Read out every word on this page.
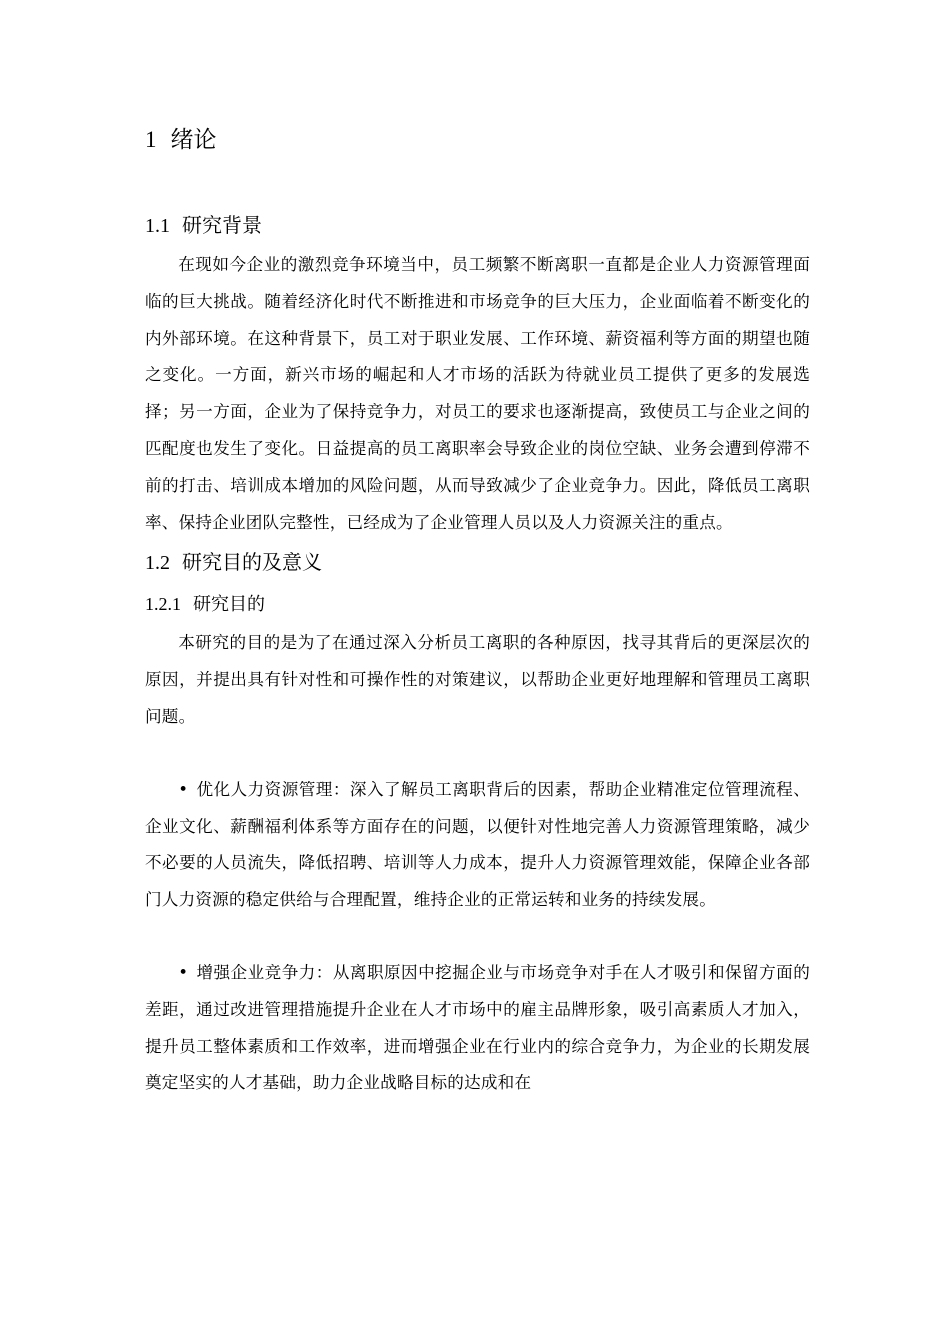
1 绪论
1.1 研究背景

在现如今企业的激烈竞争环境当中，员工频繁不断离职一直都是企业人力资源管理面临的巨大挑战。随着经济化时代不断推进和市场竞争的巨大压力，企业面临着不断变化的内外部环境。在这种背景下，员工对于职业发展、工作环境、薪资福利等方面的期望也随之变化。一方面，新兴市场的崛起和人才市场的活跃为待就业员工提供了更多的发展选择；另一方面，企业为了保持竞争力，对员工的要求也逐渐提高，致使员工与企业之间的匹配度也发生了变化。日益提高的员工离职率会导致企业的岗位空缺、业务会遭到停滞不前的打击、培训成本增加的风险问题，从而导致减少了企业竞争力。因此，降低员工离职率、保持企业团队完整性，已经成为了企业管理人员以及人力资源关注的重点。

1.2 研究目的及意义
1.2.1 研究目的

本研究的目的是为了在通过深入分析员工离职的各种原因，找寻其背后的更深层次的原因，并提出具有针对性和可操作性的对策建议，以帮助企业更好地理解和管理员工离职问题。

• 优化人力资源管理：深入了解员工离职背后的因素，帮助企业精准定位管理流程、企业文化、薪酬福利体系等方面存在的问题，以便针对性地完善人力资源管理策略，减少不必要的人员流失，降低招聘、培训等人力成本，提升人力资源管理效能，保障企业各部门人力资源的稳定供给与合理配置，维持企业的正常运转和业务的持续发展。

• 增强企业竞争力：从离职原因中挖掘企业与市场竞争对手在人才吸引和保留方面的差距，通过改进管理措施提升企业在人才市场中的雇主品牌形象，吸引高素质人才加入，提升员工整体素质和工作效率，进而增强企业在行业内的综合竞争力，为企业的长期发展奠定坚实的人才基础，助力企业战略目标的达成和在
